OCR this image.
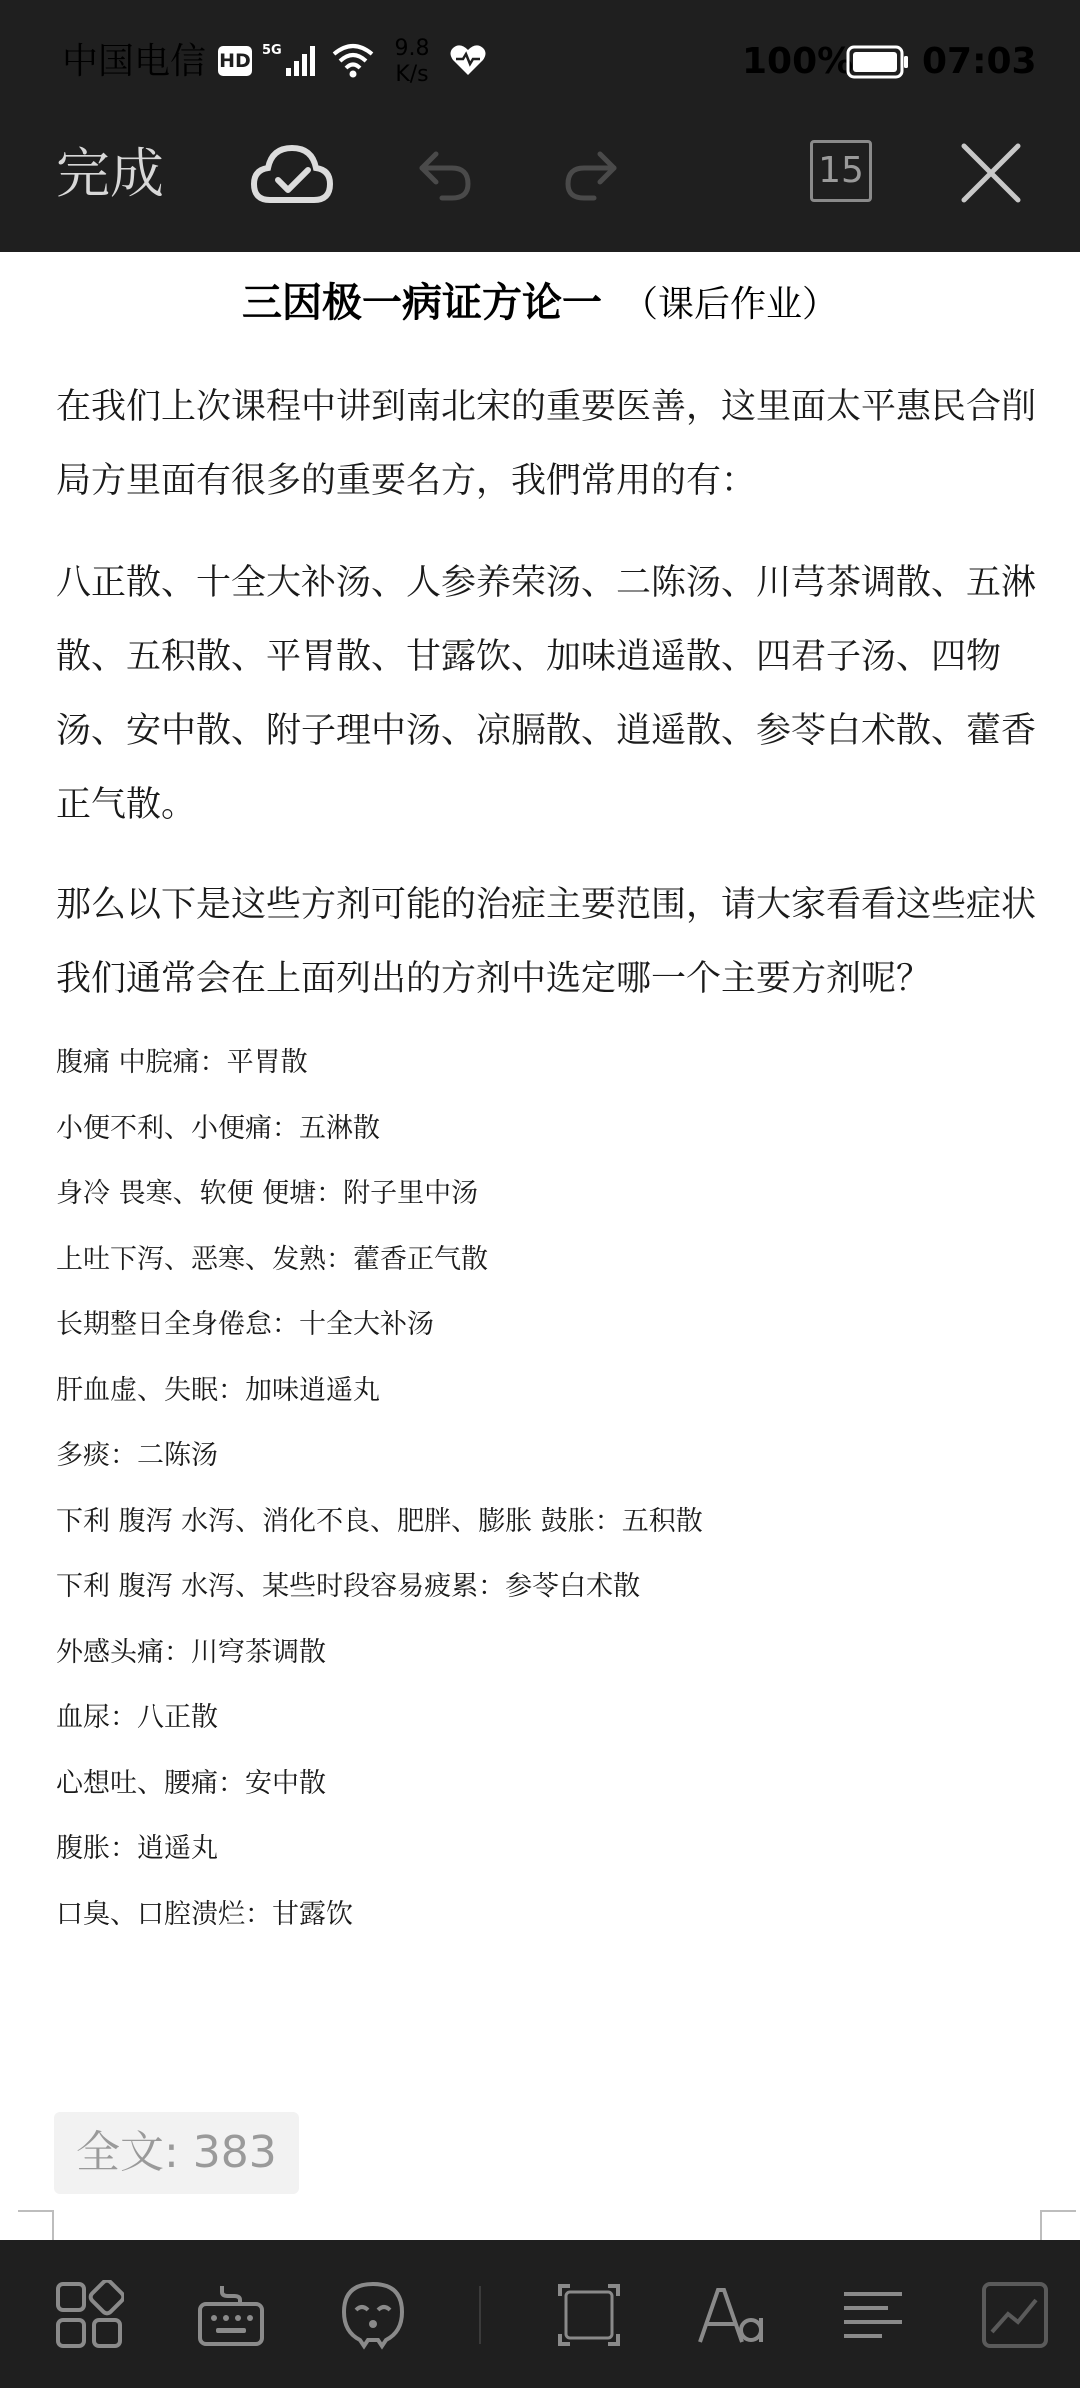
中国电信 HD 5G	9.8
K/s	100% 07:03
完成	15
三因极一病证方论一 （课后作业）

在我们上次课程中讲到南北宋的重要医善，这里面太平惠民合削局方里面有很多的重要名方，我們常用的有：

八正散、十全大补汤、人参养荣汤、二陈汤、川芎茶调散、五淋散、五积散、平胃散、甘露饮、加味逍遥散、四君子汤、四物汤、安中散、附子理中汤、凉膈散、逍遥散、参苓白术散、藿香正气散。

那么以下是这些方剂可能的治症主要范围，请大家看看这些症状我们通常会在上面列出的方剂中选定哪一个主要方剂呢？

腹痛 中脘痛：平胃散
小便不利、小便痛：五淋散
身冷 畏寒、软便 便塘：附子里中汤
上吐下泻、恶寒、发熟：藿香正气散
长期整日全身倦怠：十全大补汤
肝血虚、失眠：加味逍遥丸
多痰：二陈汤
下利 腹泻 水泻、消化不良、肥胖、膨胀 鼓胀：五积散
下利 腹泻 水泻、某些时段容易疲累：参苓白术散
外感头痛：川穹茶调散
血尿：八正散
心想吐、腰痛：安中散
腹胀：逍遥丸
口臭、口腔溃烂：甘露饮
全文: 383
